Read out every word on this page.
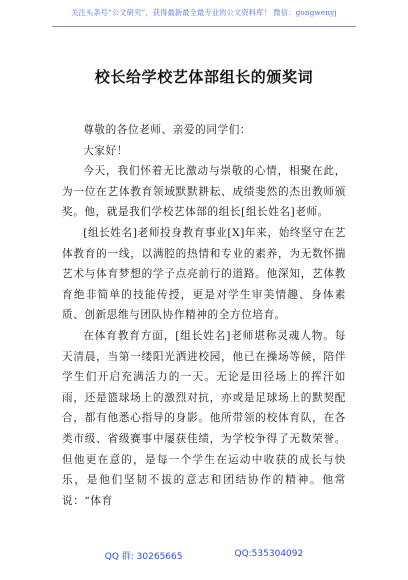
关注头条号“公文研究”，获得最新最全最专业的公文资料库！ 微信：gongwenyj
校长给学校艺体部组长的颁奖词

尊敬的各位老师、亲爱的同学们：

大家好！

今天，我们怀着无比激动与崇敬的心情，相聚在此，为一位在艺体教育领域默默耕耘、成绩斐然的杰出教师颁奖。他，就是我们学校艺体部的组长[组长姓名]老师。

[组长姓名]老师投身教育事业[X]年来，始终坚守在艺体教育的一线，以满腔的热情和专业的素养，为无数怀揣艺术与体育梦想的学子点亮前行的道路。他深知，艺体教育绝非简单的技能传授，更是对学生审美情趣、身体素质、创新思维与团队协作精神的全方位培育。

在体育教育方面，[组长姓名]老师堪称灵魂人物。每天清晨，当第一缕阳光洒进校园，他已在操场等候，陪伴学生们开启充满活力的一天。无论是田径场上的挥汗如雨，还是篮球场上的激烈对抗，亦或是足球场上的默契配合，都有他悉心指导的身影。他所带领的校体育队，在各类市级、省级赛事中屡获佳绩，为学校争得了无数荣誉。但他更在意的，是每一个学生在运动中收获的成长与快乐，是他们坚韧不拔的意志和团结协作的精神。他常说：“体育

QQ 群: 30265665	QQ:535304092
